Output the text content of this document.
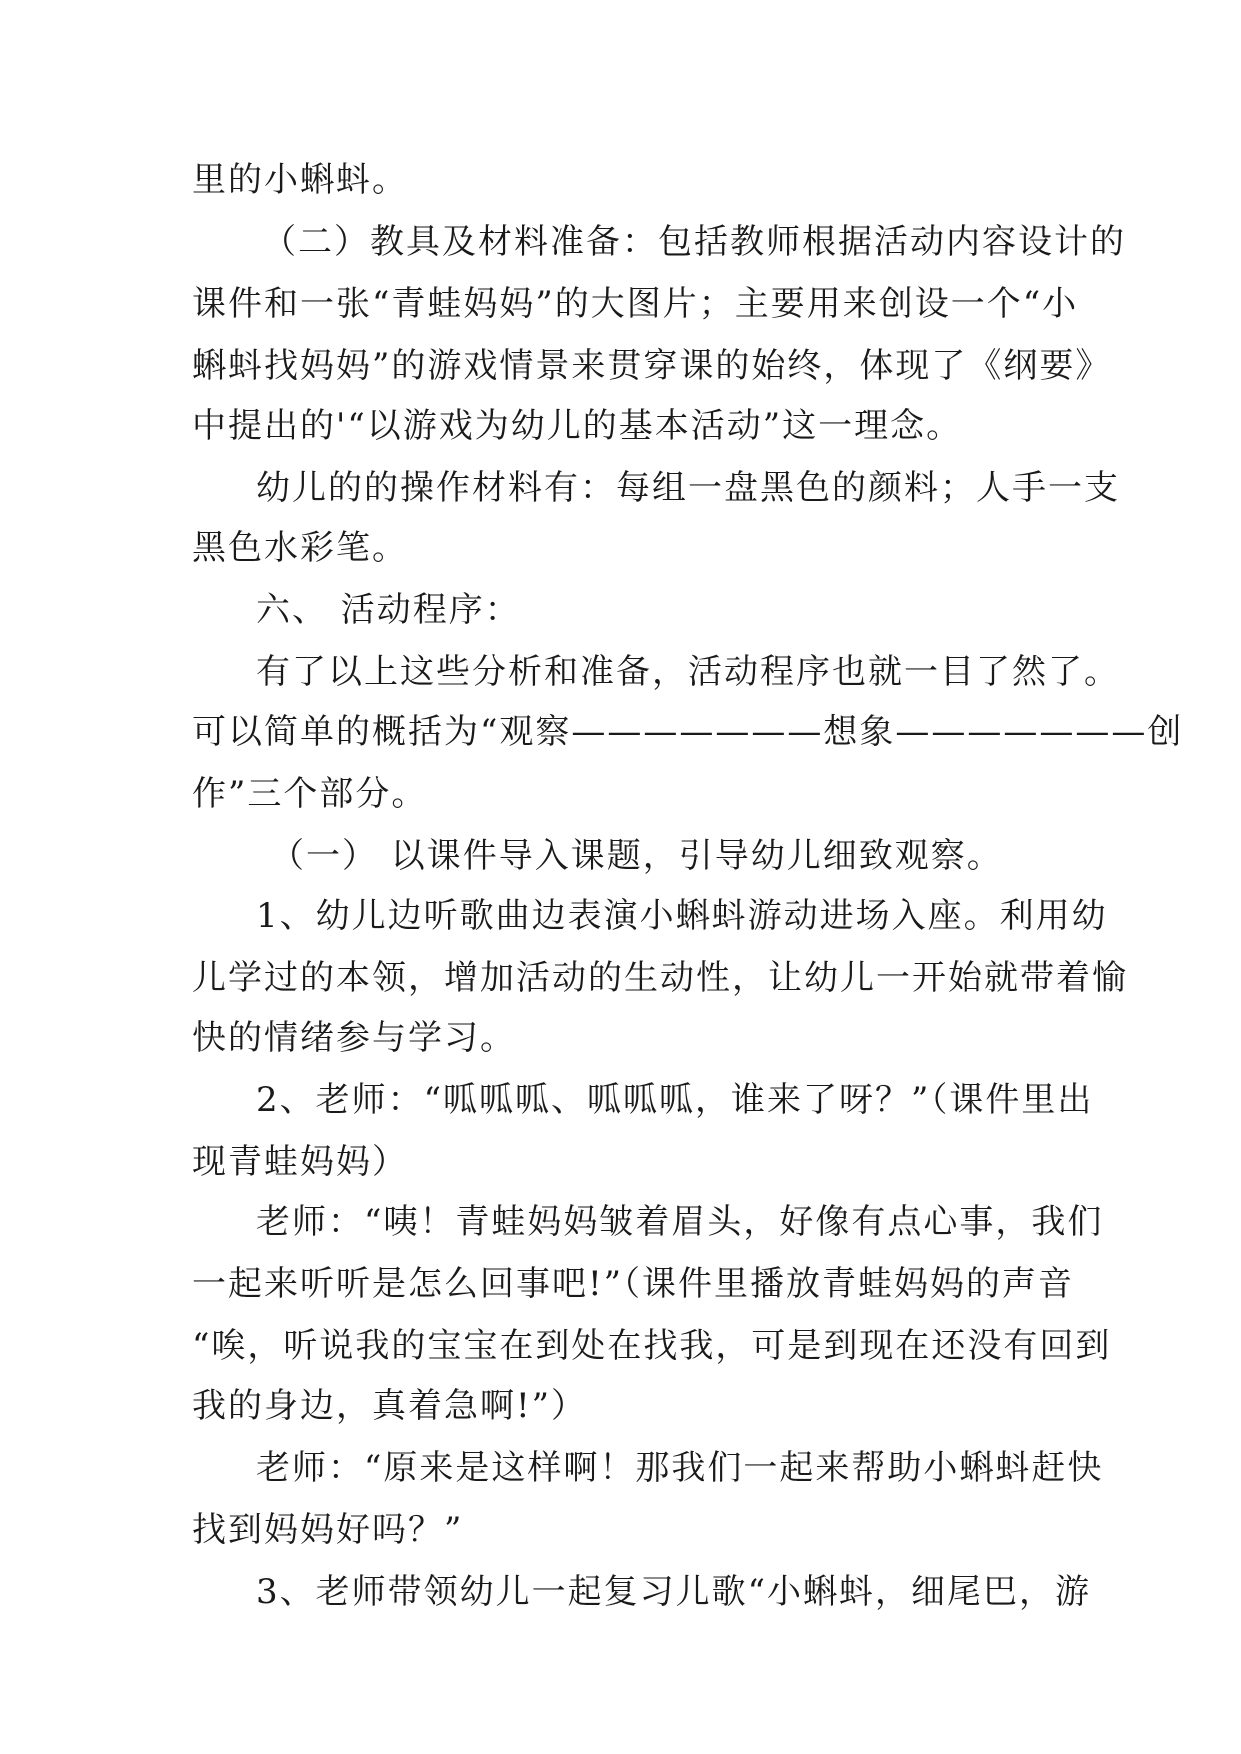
里的小蝌蚪。

（二）教具及材料准备：包括教师根据活动内容设计的

课件和一张“青蛙妈妈”的大图片；主要用来创设一个“小

蝌蚪找妈妈”的游戏情景来贯穿课的始终，体现了《纲要》

中提出的'“以游戏为幼儿的基本活动”这一理念。

幼儿的的操作材料有：每组一盘黑色的颜料；人手一支

黑色水彩笔。

六、 活动程序：

有了以上这些分析和准备，活动程序也就一目了然了。

可以简单的概括为“观察———————想象———————创

作”三个部分。

（一） 以课件导入课题，引导幼儿细致观察。

1、幼儿边听歌曲边表演小蝌蚪游动进场入座。利用幼

儿学过的本领，增加活动的生动性，让幼儿一开始就带着愉

快的情绪参与学习。

2、老师：“呱呱呱、呱呱呱，谁来了呀？”（课件里出

现青蛙妈妈）

老师：“咦！青蛙妈妈皱着眉头，好像有点心事，我们

一起来听听是怎么回事吧!”（课件里播放青蛙妈妈的声音

“唉，听说我的宝宝在到处在找我，可是到现在还没有回到

我的身边，真着急啊!”）

老师：“原来是这样啊！那我们一起来帮助小蝌蚪赶快

找到妈妈好吗？”

3、老师带领幼儿一起复习儿歌“小蝌蚪，细尾巴，游
